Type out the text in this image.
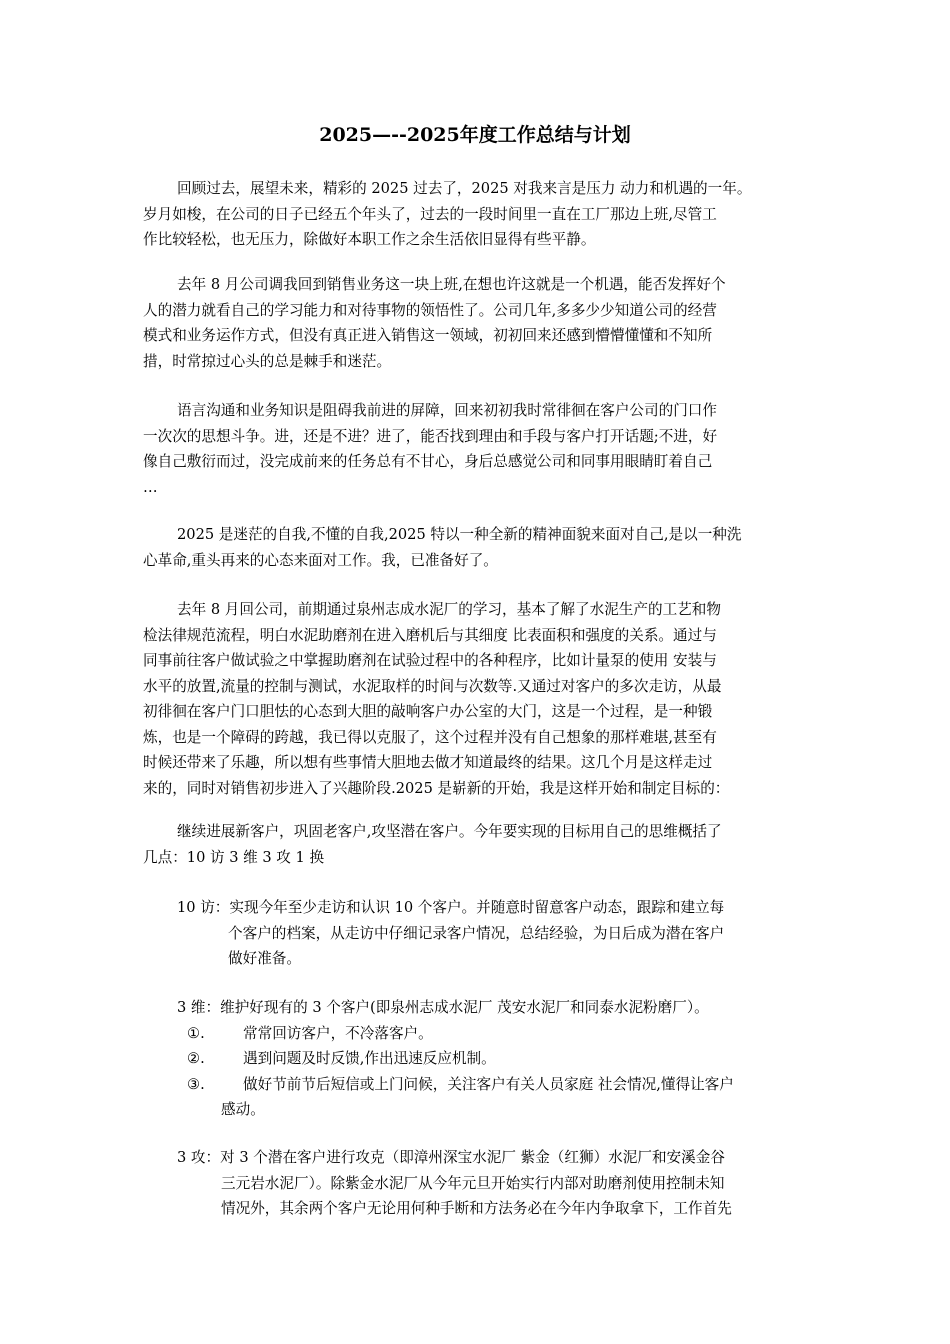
2025—--2025年度工作总结与计划
回顾过去，展望未来，精彩的 2025 过去了，2025 对我来言是压力 动力和机遇的一年。
岁月如梭，在公司的日子已经五个年头了，过去的一段时间里一直在工厂那边上班,尽管工
作比较轻松，也无压力，除做好本职工作之余生活依旧显得有些平静。
去年 8 月公司调我回到销售业务这一块上班,在想也许这就是一个机遇，能否发挥好个
人的潜力就看自己的学习能力和对待事物的领悟性了。公司几年,多多少少知道公司的经营
模式和业务运作方式，但没有真正进入销售这一领域，初初回来还感到懵懵懂懂和不知所
措，时常掠过心头的总是棘手和迷茫。
语言沟通和业务知识是阻碍我前进的屏障，回来初初我时常徘徊在客户公司的门口作
一次次的思想斗争。进，还是不进？进了，能否找到理由和手段与客户打开话题;不进，好
像自己敷衍而过，没完成前来的任务总有不甘心，身后总感觉公司和同事用眼睛盯着自己
…
2025 是迷茫的自我,不懂的自我,2025 特以一种全新的精神面貌来面对自己,是以一种洗
心革命,重头再来的心态来面对工作。我，已准备好了。
去年 8 月回公司，前期通过泉州志成水泥厂的学习，基本了解了水泥生产的工艺和物
检法律规范流程，明白水泥助磨剂在进入磨机后与其细度 比表面积和强度的关系。通过与
同事前往客户做试验之中掌握助磨剂在试验过程中的各种程序，比如计量泵的使用 安装与
水平的放置,流量的控制与测试，水泥取样的时间与次数等.又通过对客户的多次走访，从最
初徘徊在客户门口胆怯的心态到大胆的敲响客户办公室的大门，这是一个过程，是一种锻
炼，也是一个障碍的跨越，我已得以克服了，这个过程并没有自己想象的那样难堪,甚至有
时候还带来了乐趣，所以想有些事情大胆地去做才知道最终的结果。这几个月是这样走过
来的，同时对销售初步进入了兴趣阶段.2025 是崭新的开始，我是这样开始和制定目标的：
继续进展新客户，巩固老客户,攻坚潜在客户。今年要实现的目标用自己的思维概括了
几点：10 访 3 维 3 攻 1 换
10 访：实现今年至少走访和认识 10 个客户。并随意时留意客户动态，跟踪和建立每
个客户的档案，从走访中仔细记录客户情况，总结经验，为日后成为潜在客户
做好准备。
3 维：维护好现有的 3 个客户(即泉州志成水泥厂 茂安水泥厂和同泰水泥粉磨厂）。
①.	常常回访客户，不冷落客户。
②.	遇到问题及时反馈,作出迅速反应机制。
③.	做好节前节后短信或上门问候，关注客户有关人员家庭 社会情况,懂得让客户
感动。
3 攻：对 3 个潜在客户进行攻克（即漳州深宝水泥厂 紫金（红狮）水泥厂和安溪金谷
三元岩水泥厂）。除紫金水泥厂从今年元旦开始实行内部对助磨剂使用控制未知
情况外，其余两个客户无论用何种手断和方法务必在今年内争取拿下，工作首先
